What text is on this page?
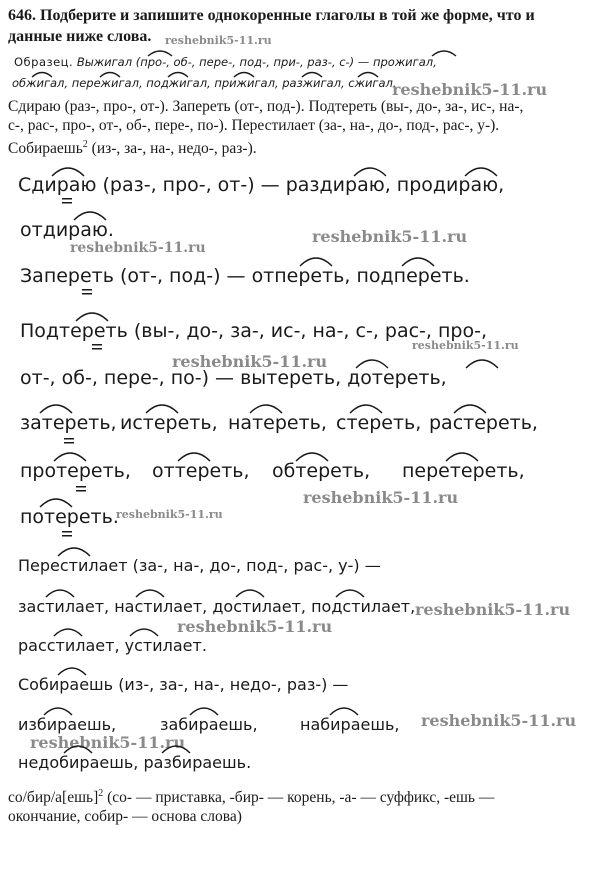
646. Подберите и запишите однокоренные глаголы в той же форме, что и
данные ниже слова. reshebnik5-11.ru
Образец. Выжигал (про-, об-, пере-, под-, при-, раз-, с-) — прожигал,
обжигал, пережигал, поджигал, прижигал, разжигал, сжигал.
reshebnik5-11.ru
Сдираю (раз-, про-, от-). Запереть (от-, под-). Подтереть (вы-, до-, за-, ис-, на-,
с-, рас-, про-, от-, об-, пере-, по-). Перестилает (за-, на-, до-, под-, рас-, у-).
Собираешь$^2$ (из-, за-, на-, недо-, раз-).
Сдираю (раз-, про-, от-) — раздираю, продираю,
отдираю.
reshebnik5-11.ru
reshebnik5-11.ru
Запереть (от-, под-) — отпереть, подпереть.
Подтереть (вы-, до-, за-, ис-, на-, с-, рас-, про-,
reshebnik5-11.ru
reshebnik5-11.ru
от-, об-, пере-, по-) — вытереть, дотереть,
затереть, истереть, натереть, стереть, растереть,
протереть, оттереть, обтереть, перетереть,
reshebnik5-11.ru
потереть.
reshebnik5-11.ru
Перестилает (за-, на-, до-, под-, рас-, у-) —
застилает, настилает, достилает, подстилает, reshebnik5-11.ru
reshebnik5-11.ru
расстилает, устилает.
Собираешь (из-, за-, на-, недо-, раз-) —
избираешь,	забираешь,	набираешь, reshebnik5-11.ru
reshebnik5-11.ru
недобираешь, разбираешь.
со/бир/а[ешь]$^2$ (со- — приставка, -бир- — корень, -а- — суффикс, -ешь —
окончание, собир- — основа слова)
